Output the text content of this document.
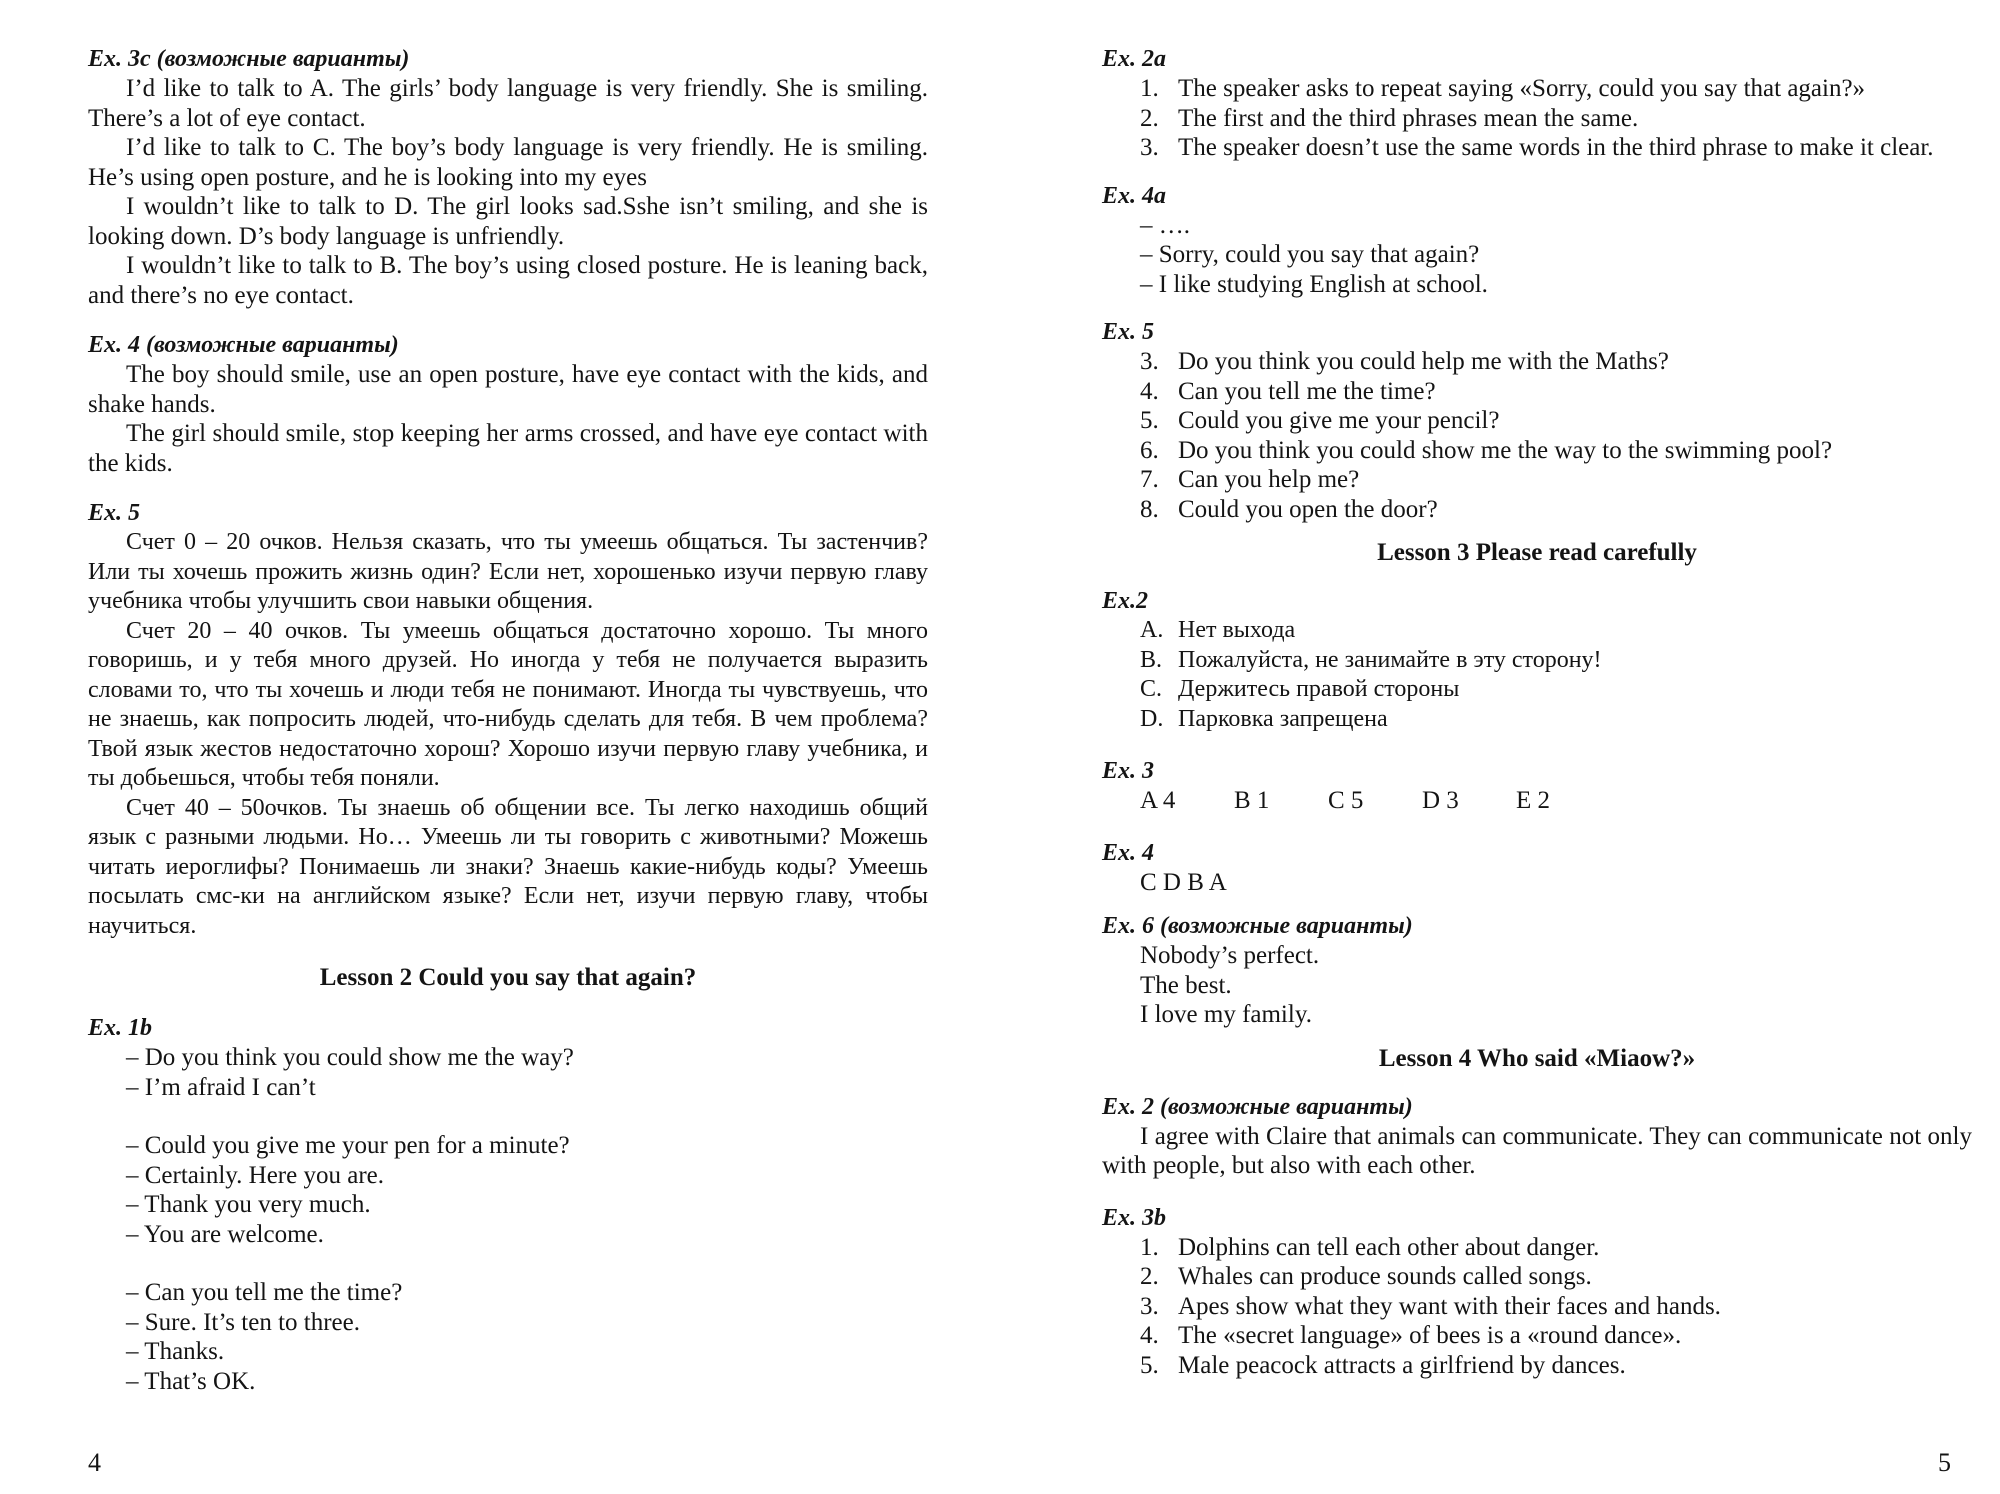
Ex. 3c (возможные варианты)
I’d like to talk to A. The girls’ body language is very friendly. She is smiling. There’s a lot of eye contact.
I’d like to talk to C. The boy’s body language is very friendly. He is smiling. He’s using open posture, and he is looking into my eyes
I wouldn’t like to talk to D. The girl looks sad.Sshe isn’t smiling, and she is looking down. D’s body language is unfriendly.
I wouldn’t like to talk to B. The boy’s using closed posture. He is leaning back, and there’s no eye contact.
Ex. 4 (возможные варианты)
The boy should smile, use an open posture, have eye contact with the kids, and shake hands.
The girl should smile, stop keeping her arms crossed, and have eye contact with the kids.
Ex. 5
Счет 0 – 20 очков. Нельзя сказать, что ты умеешь общаться. Ты застенчив? Или ты хочешь прожить жизнь один? Если нет, хорошенько изучи первую главу учебника чтобы улучшить свои навыки общения.
Счет 20 – 40 очков. Ты умеешь общаться достаточно хорошо. Ты много говоришь, и у тебя много друзей. Но иногда у тебя не получается выразить словами то, что ты хочешь и люди тебя не понимают. Иногда ты чувствуешь, что не знаешь, как попросить людей, что-нибудь сделать для тебя. В чем проблема? Твой язык жестов недостаточно хорош? Хорошо изучи первую главу учебника, и ты добьешься, чтобы тебя поняли.
Счет 40 – 50очков. Ты знаешь об общении все. Ты легко находишь общий язык с разными людьми. Но… Умеешь ли ты говорить с животными? Можешь читать иероглифы? Понимаешь ли знаки? Знаешь какие-нибудь коды? Умеешь посылать смс-ки на английском языке? Если нет, изучи первую главу, чтобы научиться.
Lesson 2 Could you say that again?
Ex. 1b
– Do you think you could show me the way?
– I’m afraid I can’t
– Could you give me your pen for a minute?
– Certainly. Here you are.
– Thank you very much.
– You are welcome.
– Can you tell me the time?
– Sure. It’s ten to three.
– Thanks.
– That’s OK.
4
Ex. 2a
1. The speaker asks to repeat saying «Sorry, could you say that again?»
2. The first and the third phrases mean the same.
3. The speaker doesn’t use the same words in the third phrase to make it clear.
Ex. 4a
– ….
– Sorry, could you say that again?
– I like studying English at school.
Ex. 5
3. Do you think you could help me with the Maths?
4. Can you tell me the time?
5. Could you give me your pencil?
6. Do you think you could show me the way to the swimming pool?
7. Can you help me?
8. Could you open the door?
Lesson 3 Please read carefully
Ex.2
A. Нет выхода
B. Пожалуйста, не занимайте в эту сторону!
C. Держитесь правой стороны
D. Парковка запрещена
Ex. 3
A 4 B 1 C 5 D 3 E 2
Ex. 4
C D B A
Ex. 6 (возможные варианты)
Nobody’s perfect.
The best.
I love my family.
Lesson 4 Who said «Miaow?»
Ex. 2 (возможные варианты)
I agree with Claire that animals can communicate. They can communicate not only with people, but also with each other.
Ex. 3b
1. Dolphins can tell each other about danger.
2. Whales can produce sounds called songs.
3. Apes show what they want with their faces and hands.
4. The «secret language» of bees is a «round dance».
5. Male peacock attracts a girlfriend by dances.
5
